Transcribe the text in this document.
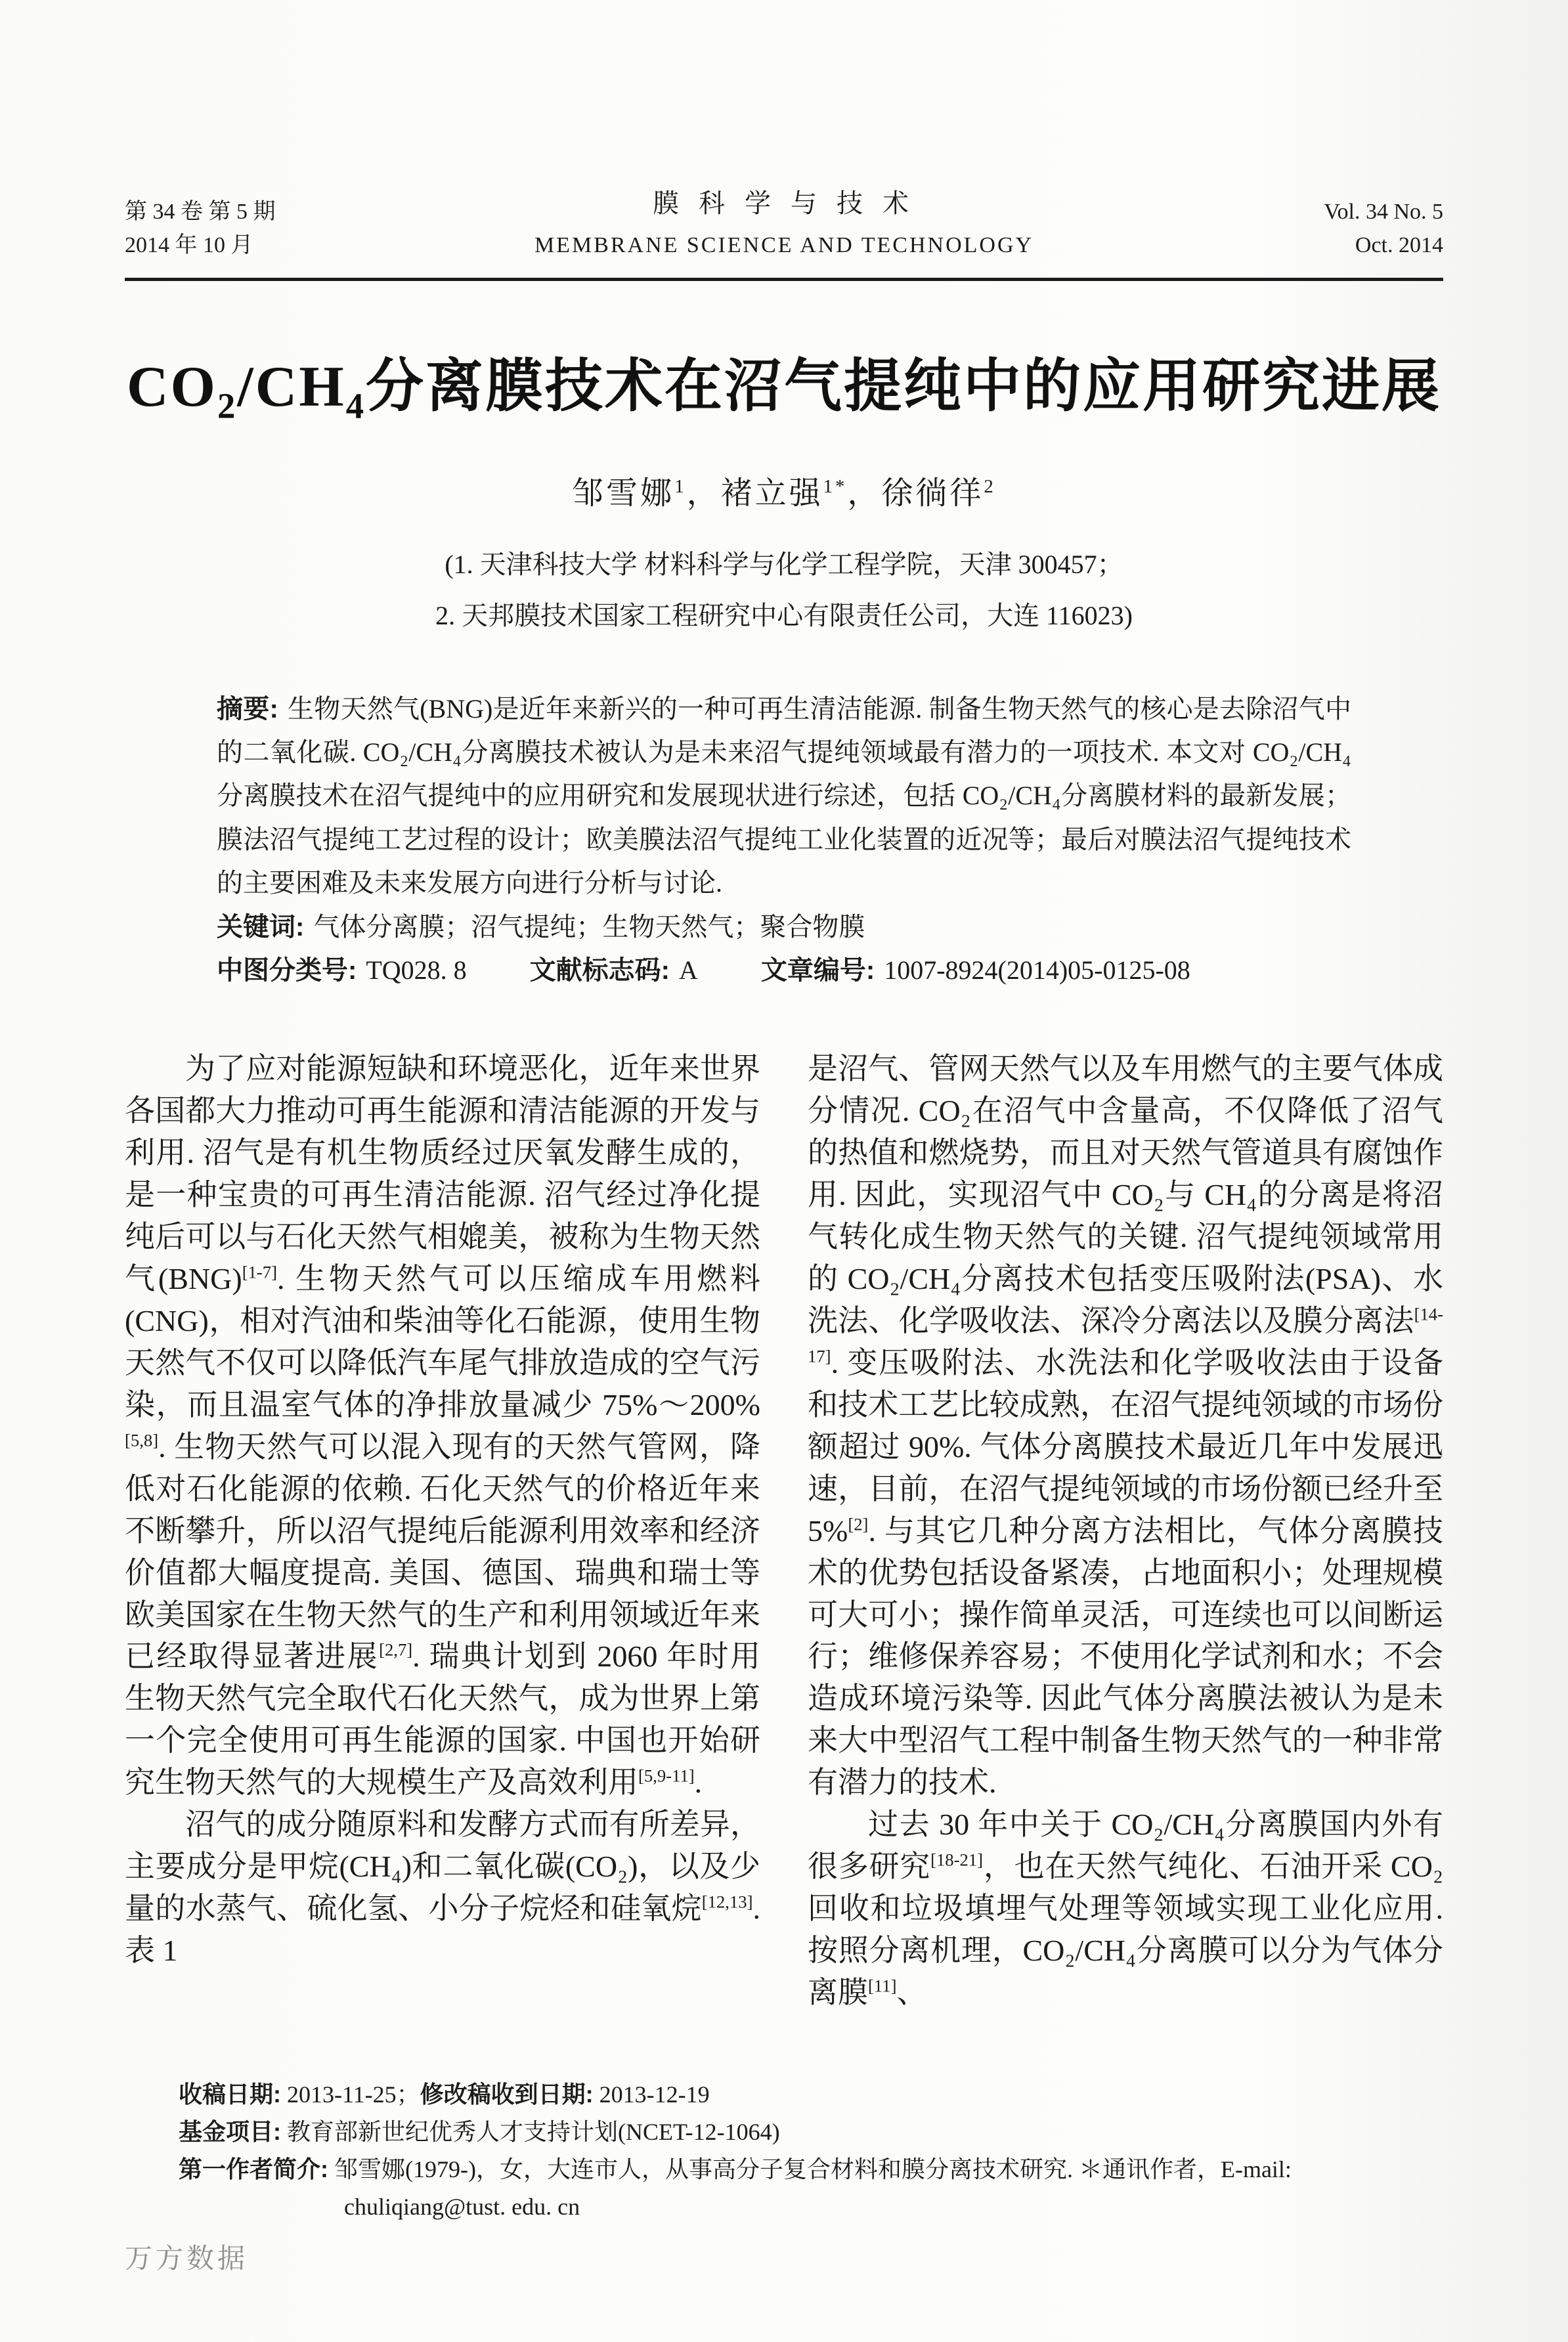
第 34 卷 第 5 期
2014 年 10 月
膜 科 学 与 技 术
MEMBRANE SCIENCE AND TECHNOLOGY
Vol. 34 No. 5
Oct. 2014
$CO_2/CH_4$分离膜技术在沼气提纯中的应用研究进展
邹雪娜$^1$，褚立强$^{1*}$，徐徜徉$^2$
(1. 天津科技大学 材料科学与化学工程学院，天津 300457；
2. 天邦膜技术国家工程研究中心有限责任公司，大连 116023)

摘要: 生物天然气(BNG)是近年来新兴的一种可再生清洁能源. 制备生物天然气的核心是去除沼气中的二氧化碳. CO₂/CH₄分离膜技术被认为是未来沼气提纯领域最有潜力的一项技术. 本文对 CO₂/CH₄分离膜技术在沼气提纯中的应用研究和发展现状进行综述，包括 CO₂/CH₄分离膜材料的最新发展；膜法沼气提纯工艺过程的设计；欧美膜法沼气提纯工业化装置的近况等；最后对膜法沼气提纯技术的主要困难及未来发展方向进行分析与讨论.

关键词: 气体分离膜；沼气提纯；生物天然气；聚合物膜

中图分类号: TQ028. 8 文献标志码: A 文章编号: 1007-8924(2014)05-0125-08

为了应对能源短缺和环境恶化，近年来世界各国都大力推动可再生能源和清洁能源的开发与利用. 沼气是有机生物质经过厌氧发酵生成的，是一种宝贵的可再生清洁能源. 沼气经过净化提纯后可以与石化天然气相媲美，被称为生物天然气(BNG)[1-7]. 生物天然气可以压缩成车用燃料(CNG)，相对汽油和柴油等化石能源，使用生物天然气不仅可以降低汽车尾气排放造成的空气污染，而且温室气体的净排放量减少 75%～200%[5,8]. 生物天然气可以混入现有的天然气管网，降低对石化能源的依赖. 石化天然气的价格近年来不断攀升，所以沼气提纯后能源利用效率和经济价值都大幅度提高. 美国、德国、瑞典和瑞士等欧美国家在生物天然气的生产和利用领域近年来已经取得显著进展[2,7]. 瑞典计划到 2060 年时用生物天然气完全取代石化天然气，成为世界上第一个完全使用可再生能源的国家. 中国也开始研究生物天然气的大规模生产及高效利用[5,9-11].

沼气的成分随原料和发酵方式而有所差异，主要成分是甲烷(CH₄)和二氧化碳(CO₂)，以及少量的水蒸气、硫化氢、小分子烷烃和硅氧烷[12,13]. 表 1

是沼气、管网天然气以及车用燃气的主要气体成分情况. CO₂在沼气中含量高，不仅降低了沼气的热值和燃烧势，而且对天然气管道具有腐蚀作用. 因此，实现沼气中 CO₂与 CH₄的分离是将沼气转化成生物天然气的关键. 沼气提纯领域常用的 CO₂/CH₄分离技术包括变压吸附法(PSA)、水洗法、化学吸收法、深冷分离法以及膜分离法[14-17]. 变压吸附法、水洗法和化学吸收法由于设备和技术工艺比较成熟，在沼气提纯领域的市场份额超过 90%. 气体分离膜技术最近几年中发展迅速，目前，在沼气提纯领域的市场份额已经升至 5%[2]. 与其它几种分离方法相比，气体分离膜技术的优势包括设备紧凑，占地面积小；处理规模可大可小；操作简单灵活，可连续也可以间断运行；维修保养容易；不使用化学试剂和水；不会造成环境污染等. 因此气体分离膜法被认为是未来大中型沼气工程中制备生物天然气的一种非常有潜力的技术.

过去 30 年中关于 CO₂/CH₄分离膜国内外有很多研究[18-21]，也在天然气纯化、石油开采 CO₂回收和垃圾填埋气处理等领域实现工业化应用. 按照分离机理，CO₂/CH₄分离膜可以分为气体分离膜[11]、

收稿日期: 2013-11-25；修改稿收到日期: 2013-12-19

基金项目: 教育部新世纪优秀人才支持计划(NCET-12-1064)

第一作者简介: 邹雪娜(1979-)，女，大连市人，从事高分子复合材料和膜分离技术研究. ＊通讯作者，E-mail: chuliqiang@tust. edu. cn

万方数据
